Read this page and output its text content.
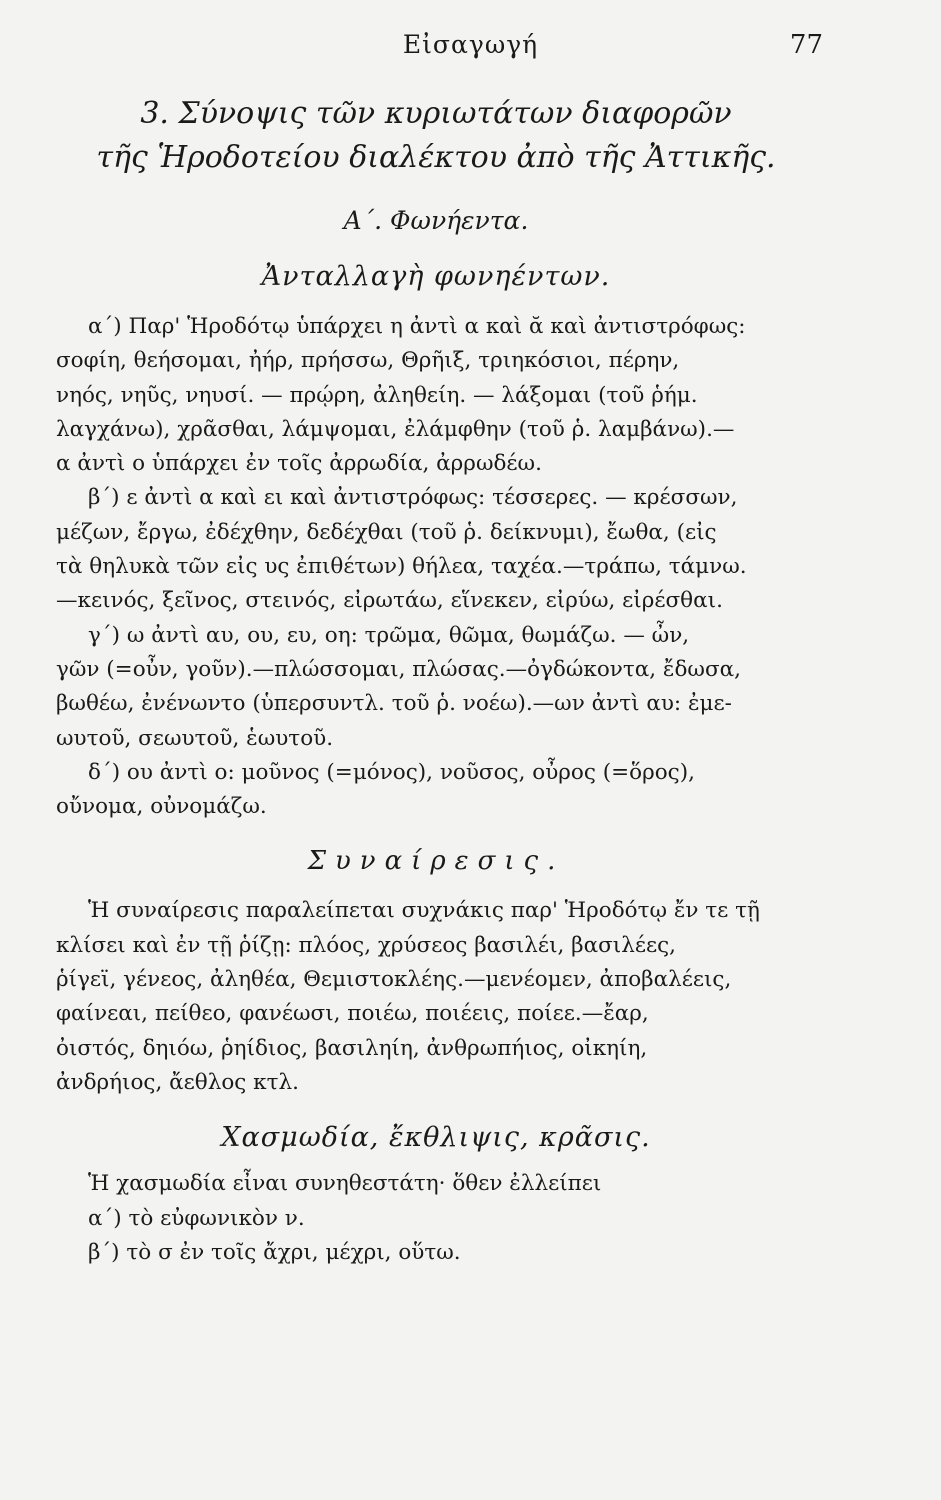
Εἰσαγωγή	77

3. Σύνοψις τῶν κυριωτάτων διαφορῶν

τῆς Ἡροδοτείου διαλέκτου ἀπὸ τῆς Ἀττικῆς.

Α΄. Φωνήεντα.
Ἀνταλλαγὴ φωνηέντων.

α΄) Παρ' Ἡροδότῳ ὑπάρχει η ἀντὶ α καὶ ᾰ καὶ ἀντιστρόφως:

σοφίη, θεήσομαι, ἠήρ, πρήσσω, Θρῆιξ, τριηκόσιοι, πέρην,

νηός, νηῦς, νηυσί. — πρῴρη, ἀληθείη. — λάξομαι (τοῦ ῥήμ.

λαγχάνω), χρᾶσθαι, λάμψομαι, ἐλάμφθην (τοῦ ῥ. λαμβάνω).—

α ἀντὶ ο ὑπάρχει ἐν τοῖς ἀρρωδία, ἀρρωδέω.

β΄) ε ἀντὶ α καὶ ει καὶ ἀντιστρόφως: τέσσερες. — κρέσσων,

μέζων, ἔργω, ἐδέχθην, δεδέχθαι (τοῦ ῥ. δείκνυμι), ἔωθα, (εἰς

τὰ θηλυκὰ τῶν εἰς υς ἐπιθέτων) θήλεα, ταχέα.—τράπω, τάμνω.

—κεινός, ξεῖνος, στεινός, εἰρωτάω, εἵνεκεν, εἰρύω, εἰρέσθαι.

γ΄) ω ἀντὶ αυ, ου, ευ, οη: τρῶμα, θῶμα, θωμάζω. — ὦν,

γῶν (=οὖν, γοῦν).—πλώσσομαι, πλώσας.—ὀγδώκοντα, ἔδωσα,

βωθέω, ἐνένωντο (ὑπερσυντλ. τοῦ ῥ. νοέω).—ων ἀντὶ αυ: ἐμε-

ωυτοῦ, σεωυτοῦ, ἑωυτοῦ.

δ΄) ου ἀντὶ ο: μοῦνος (=μόνος), νοῦσος, οὖρος (=ὅρος),

οὔνομα, οὐνομάζω.

Συναίρεσις.

Ἡ συναίρεσις παραλείπεται συχνάκις παρ' Ἡροδότῳ ἔν τε τῇ

κλίσει καὶ ἐν τῇ ῥίζῃ: πλόος, χρύσεος βασιλέι, βασιλέες,

ῥίγεϊ, γένεος, ἀληθέα, Θεμιστοκλέης.—μενέομεν, ἀποβαλέεις,

φαίνεαι, πείθεο, φανέωσι, ποιέω, ποιέεις, ποίεε.—ἔαρ,

ὀιστός, δηιόω, ῥηίδιος, βασιληίη, ἀνθρωπήιος, οἰκηίη,

ἀνδρήιος, ἄεθλος κτλ.

Χασμωδία, ἔκθλιψις, κρᾶσις.

Ἡ χασμωδία εἶναι συνηθεστάτη· ὅθεν ἐλλείπει

α΄) τὸ εὐφωνικὸν ν.

β΄) τὸ σ ἐν τοῖς ἄχρι, μέχρι, οὕτω.
